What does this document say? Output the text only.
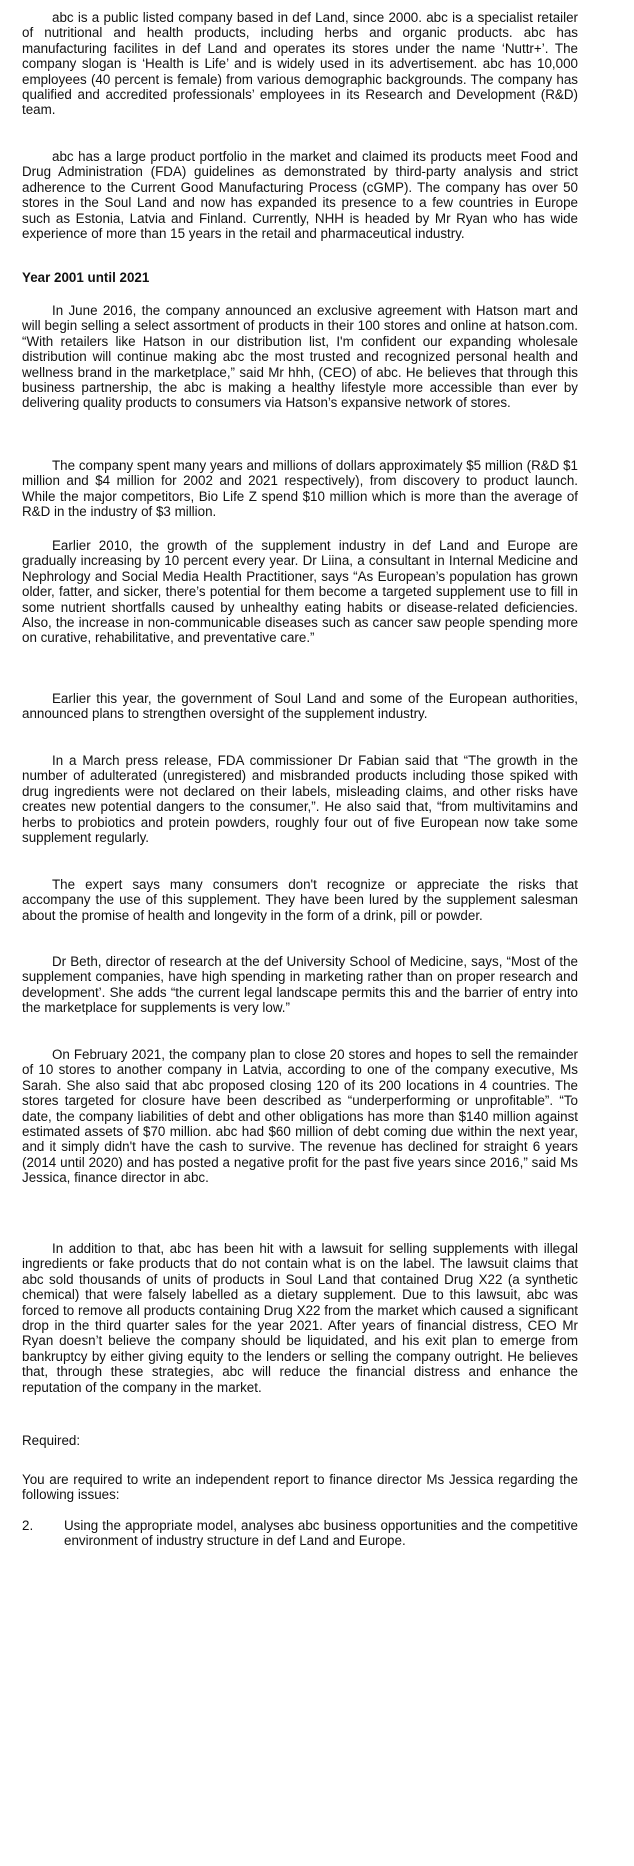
abc is a public listed company based in def Land, since 2000. abc is a specialist retailer of nutritional and health products, including herbs and organic products. abc has manufacturing facilites in def Land and operates its stores under the name ‘Nuttr+’. The company slogan is ‘Health is Life’ and is widely used in its advertisement. abc has 10,000 employees (40 percent is female) from various demographic backgrounds. The company has qualified and accredited professionals’ employees in its Research and Development (R&D) team.

abc has a large product portfolio in the market and claimed its products meet Food and Drug Administration (FDA) guidelines as demonstrated by third-party analysis and strict adherence to the Current Good Manufacturing Process (cGMP). The company has over 50 stores in the Soul Land and now has expanded its presence to a few countries in Europe such as Estonia, Latvia and Finland. Currently, NHH is headed by Mr Ryan who has wide experience of more than 15 years in the retail and pharmaceutical industry.

Year 2001 until 2021

In June 2016, the company announced an exclusive agreement with Hatson mart and will begin selling a select assortment of products in their 100 stores and online at hatson.com. “With retailers like Hatson in our distribution list, I'm confident our expanding wholesale distribution will continue making abc the most trusted and recognized personal health and wellness brand in the marketplace,” said Mr hhh, (CEO) of abc. He believes that through this business partnership, the abc is making a healthy lifestyle more accessible than ever by delivering quality products to consumers via Hatson’s expansive network of stores.

The company spent many years and millions of dollars approximately $5 million (R&D $1 million and $4 million for 2002 and 2021 respectively), from discovery to product launch. While the major competitors, Bio Life Z spend $10 million which is more than the average of R&D in the industry of $3 million.

Earlier 2010, the growth of the supplement industry in def Land and Europe are gradually increasing by 10 percent every year. Dr Liina, a consultant in Internal Medicine and Nephrology and Social Media Health Practitioner, says “As European’s population has grown older, fatter, and sicker, there’s potential for them become a targeted supplement use to fill in some nutrient shortfalls caused by unhealthy eating habits or disease-related deficiencies. Also, the increase in non-communicable diseases such as cancer saw people spending more on curative, rehabilitative, and preventative care.”

Earlier this year, the government of Soul Land and some of the European authorities, announced plans to strengthen oversight of the supplement industry.

In a March press release, FDA commissioner Dr Fabian said that “The growth in the number of adulterated (unregistered) and misbranded products including those spiked with drug ingredients were not declared on their labels, misleading claims, and other risks have creates new potential dangers to the consumer,”. He also said that, “from multivitamins and herbs to probiotics and protein powders, roughly four out of five European now take some supplement regularly.

The expert says many consumers don't recognize or appreciate the risks that accompany the use of this supplement. They have been lured by the supplement salesman about the promise of health and longevity in the form of a drink, pill or powder.

Dr Beth, director of research at the def University School of Medicine, says, “Most of the supplement companies, have high spending in marketing rather than on proper research and development’. She adds “the current legal landscape permits this and the barrier of entry into the marketplace for supplements is very low.”

On February 2021, the company plan to close 20 stores and hopes to sell the remainder of 10 stores to another company in Latvia, according to one of the company executive, Ms Sarah. She also said that abc proposed closing 120 of its 200 locations in 4 countries. The stores targeted for closure have been described as “underperforming or unprofitable”. “To date, the company liabilities of debt and other obligations has more than $140 million against estimated assets of $70 million. abc had $60 million of debt coming due within the next year, and it simply didn't have the cash to survive. The revenue has declined for straight 6 years (2014 until 2020) and has posted a negative profit for the past five years since 2016,” said Ms Jessica, finance director in abc.

In addition to that, abc has been hit with a lawsuit for selling supplements with illegal ingredients or fake products that do not contain what is on the label. The lawsuit claims that abc sold thousands of units of products in Soul Land that contained Drug X22 (a synthetic chemical) that were falsely labelled as a dietary supplement. Due to this lawsuit, abc was forced to remove all products containing Drug X22 from the market which caused a significant drop in the third quarter sales for the year 2021. After years of financial distress, CEO Mr Ryan doesn’t believe the company should be liquidated, and his exit plan to emerge from bankruptcy by either giving equity to the lenders or selling the company outright. He believes that, through these strategies, abc will reduce the financial distress and enhance the reputation of the company in the market.

Required:

You are required to write an independent report to finance director Ms Jessica regarding the following issues:

2.	Using the appropriate model, analyses abc business opportunities and the competitive environment of industry structure in def Land and Europe.
